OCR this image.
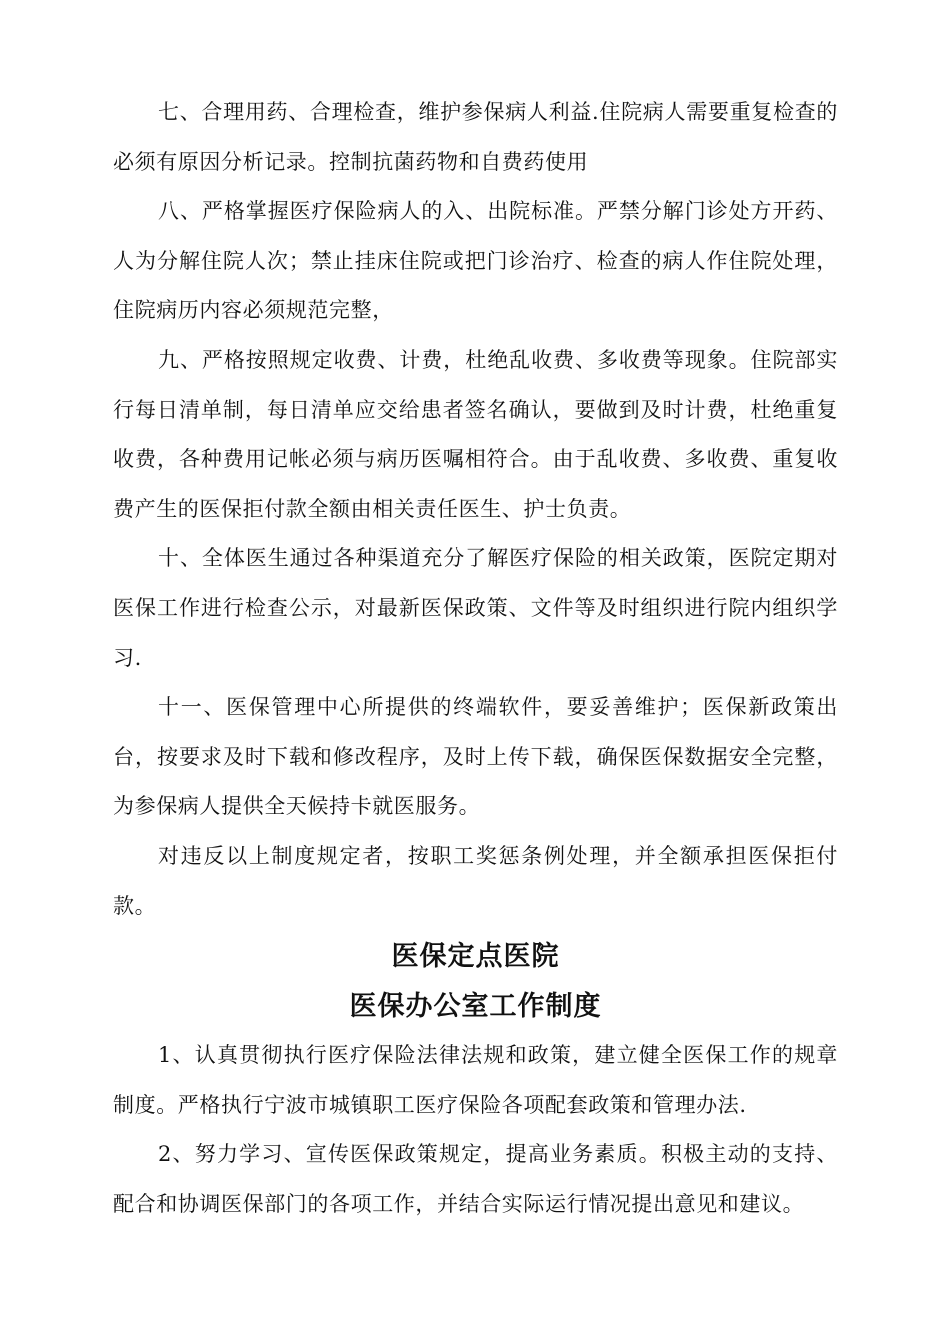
七、合理用药、合理检查，维护参保病人利益.住院病人需要重复检查的必须有原因分析记录。控制抗菌药物和自费药使用

八、严格掌握医疗保险病人的入、出院标准。严禁分解门诊处方开药、人为分解住院人次；禁止挂床住院或把门诊治疗、检查的病人作住院处理，住院病历内容必须规范完整，

九、严格按照规定收费、计费，杜绝乱收费、多收费等现象。住院部实行每日清单制，每日清单应交给患者签名确认，要做到及时计费，杜绝重复收费，各种费用记帐必须与病历医嘱相符合。由于乱收费、多收费、重复收费产生的医保拒付款全额由相关责任医生、护士负责。

十、全体医生通过各种渠道充分了解医疗保险的相关政策，医院定期对医保工作进行检查公示，对最新医保政策、文件等及时组织进行院内组织学习.

十一、医保管理中心所提供的终端软件，要妥善维护；医保新政策出台，按要求及时下载和修改程序，及时上传下载，确保医保数据安全完整，为参保病人提供全天候持卡就医服务。

对违反以上制度规定者，按职工奖惩条例处理，并全额承担医保拒付款。

医保定点医院
医保办公室工作制度

1、认真贯彻执行医疗保险法律法规和政策，建立健全医保工作的规章制度。严格执行宁波市城镇职工医疗保险各项配套政策和管理办法.

2、努力学习、宣传医保政策规定，提高业务素质。积极主动的支持、配合和协调医保部门的各项工作，并结合实际运行情况提出意见和建议。
